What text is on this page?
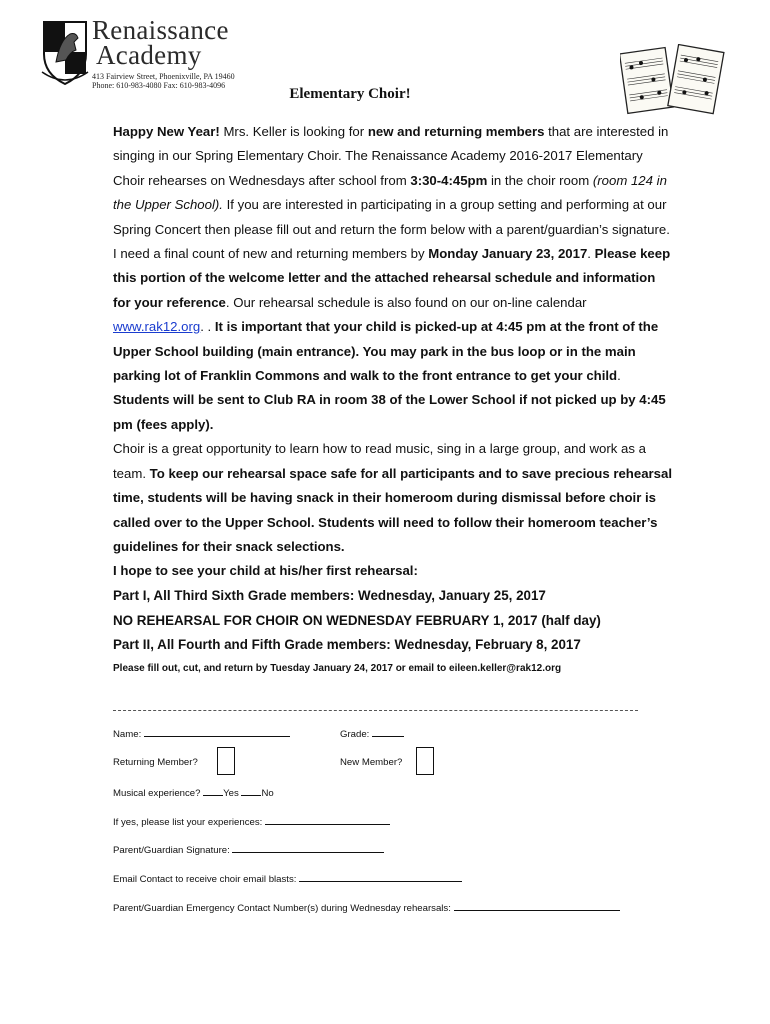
Renaissance
Academy
413 Fairview Street, Phoenixville, PA 19460
Phone: 610-983-4080 Fax: 610-983-4096
Elementary Choir!

Happy New Year! Mrs. Keller is looking for new and returning members that are interested in singing in our Spring Elementary Choir. The Renaissance Academy 2016-2017 Elementary Choir rehearses on Wednesdays after school from 3:30-4:45pm in the choir room (room 124 in the Upper School). If you are interested in participating in a group setting and performing at our Spring Concert then please fill out and return the form below with a parent/guardian’s signature. I need a final count of new and returning members by Monday January 23, 2017. Please keep this portion of the welcome letter and the attached rehearsal schedule and information for your reference. Our rehearsal schedule is also found on our on-line calendar www.rak12.org. . It is important that your child is picked-up at 4:45 pm at the front of the Upper School building (main entrance). You may park in the bus loop or in the main parking lot of Franklin Commons and walk to the front entrance to get your child. Students will be sent to Club RA in room 38 of the Lower School if not picked up by 4:45 pm (fees apply).

Choir is a great opportunity to learn how to read music, sing in a large group, and work as a team. To keep our rehearsal space safe for all participants and to save precious rehearsal time, students will be having snack in their homeroom during dismissal before choir is called over to the Upper School. Students will need to follow their homeroom teacher’s guidelines for their snack selections.

I hope to see your child at his/her first rehearsal:

Part I, All Third Sixth Grade members: Wednesday, January 25, 2017

NO REHEARSAL FOR CHOIR ON WEDNESDAY FEBRUARY 1, 2017 (half day)

Part II, All Fourth and Fifth Grade members: Wednesday, February 8, 2017

Please fill out, cut, and return by Tuesday January 24, 2017 or email to eileen.keller@rak12.org

Name:	Grade:
Returning Member?	New Member?
Musical experience? Yes No
If yes, please list your experiences:
Parent/Guardian Signature:
Email Contact to receive choir email blasts:
Parent/Guardian Emergency Contact Number(s) during Wednesday rehearsals:
